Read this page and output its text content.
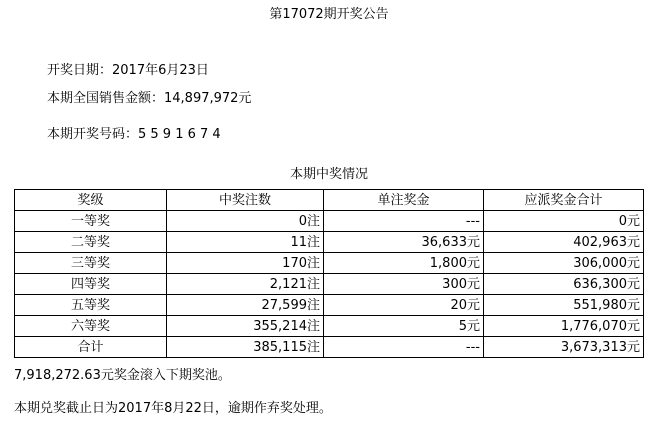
第17072期开奖公告
开奖日期：2017年6月23日
本期全国销售金额：14,897,972元
本期开奖号码：5 5 9 1 6 7 4
本期中奖情况
奖级	中奖注数	单注奖金	应派奖金合计
一等奖	0注	---	0元
二等奖	11注	36,633元	402,963元
三等奖	170注	1,800元	306,000元
四等奖	2,121注	300元	636,300元
五等奖	27,599注	20元	551,980元
六等奖	355,214注	5元	1,776,070元
合计	385,115注	---	3,673,313元
7,918,272.63元奖金滚入下期奖池。
本期兑奖截止日为2017年8月22日，逾期作弃奖处理。
